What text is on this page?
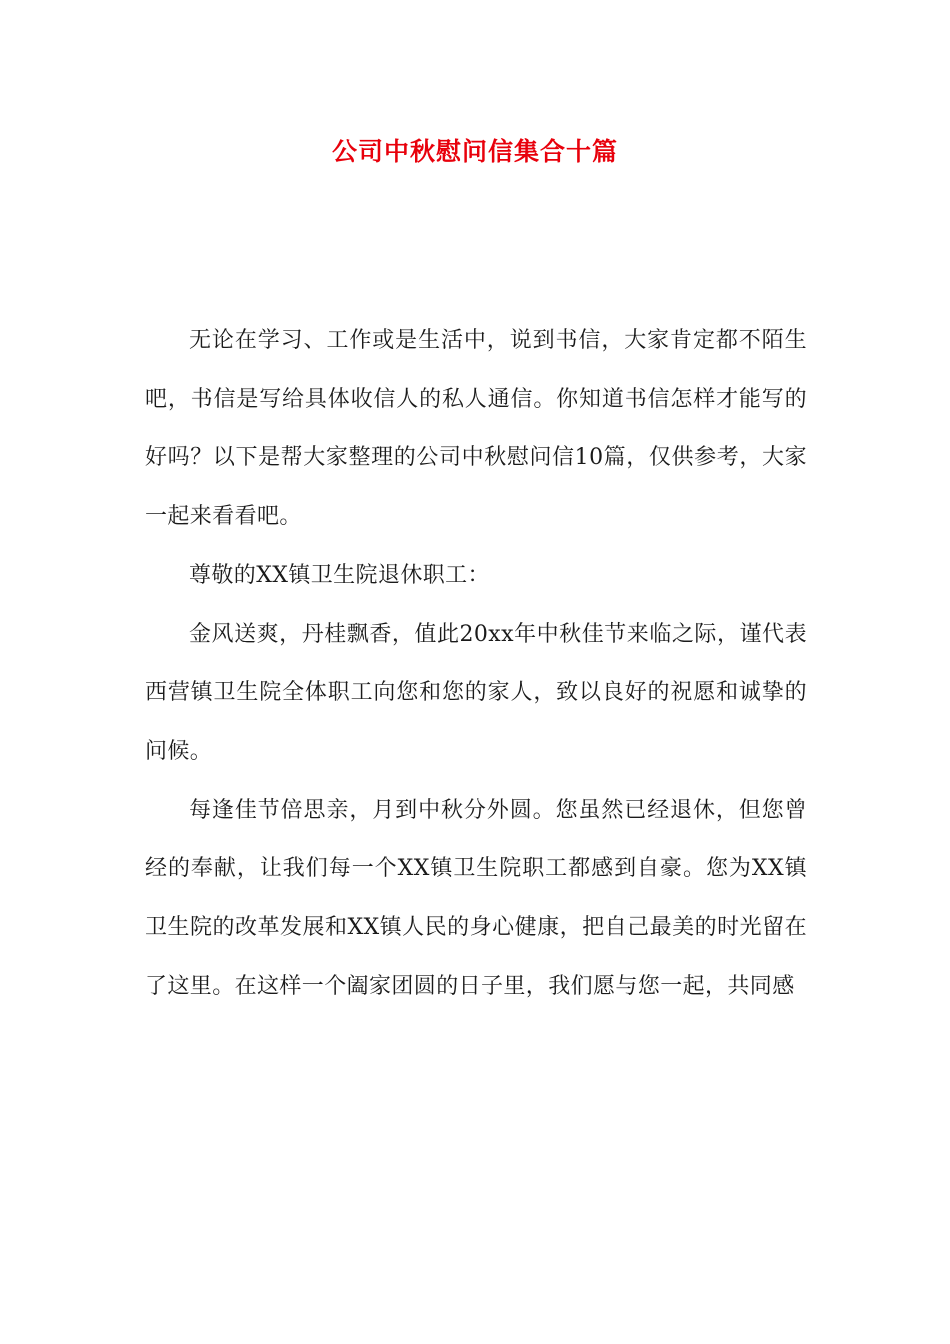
公司中秋慰问信集合十篇

无论在学习、工作或是生活中，说到书信，大家肯定都不陌生吧，书信是写给具体收信人的私人通信。你知道书信怎样才能写的好吗？以下是帮大家整理的公司中秋慰问信10篇，仅供参考，大家一起来看看吧。

尊敬的XX镇卫生院退休职工：

金风送爽，丹桂飘香，值此20xx年中秋佳节来临之际，谨代表西营镇卫生院全体职工向您和您的家人，致以良好的祝愿和诚挚的问候。

每逢佳节倍思亲，月到中秋分外圆。您虽然已经退休，但您曾经的奉献，让我们每一个XX镇卫生院职工都感到自豪。您为XX镇卫生院的改革发展和XX镇人民的身心健康，把自己最美的时光留在了这里。在这样一个阖家团圆的日子里，我们愿与您一起，共同感
